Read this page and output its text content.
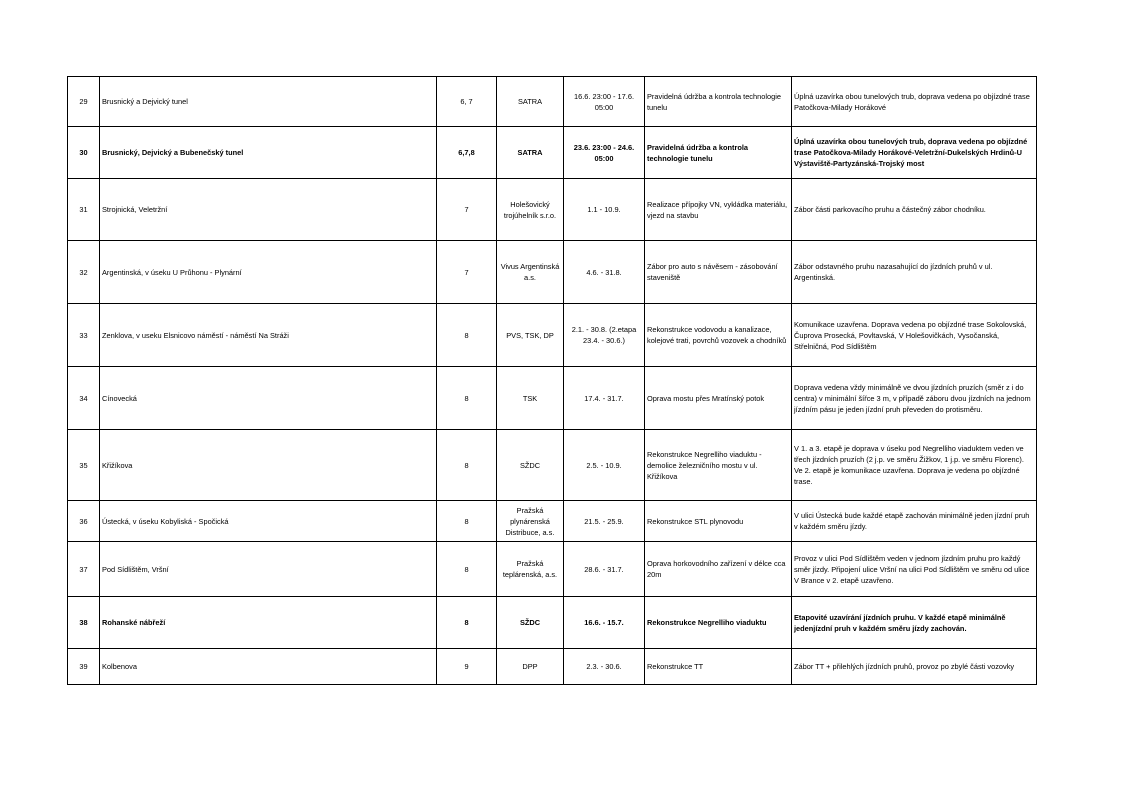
29	Brusnický a Dejvický tunel	6, 7	SATRA	16.6. 23:00 - 17.6. 05:00	Pravidelná údržba a kontrola technologie tunelu	Úplná uzavírka obou tunelových trub, doprava vedena po objízdné trase Patočkova-Milady Horákové
30	Brusnický, Dejvický a Bubenečský tunel	6,7,8	SATRA	23.6. 23:00 - 24.6. 05:00	Pravidelná údržba a kontrola technologie tunelu	Úplná uzavírka obou tunelových trub, doprava vedena po objízdné trase Patočkova-Milady Horákové-Veletržní-Dukelských Hrdinů-U Výstaviště-Partyzánská-Trojský most
31	Strojnická, Veletržní	7	Holešovický trojúhelník s.r.o.	1.1 - 10.9.	Realizace přípojky VN, vykládka materiálu, vjezd na stavbu	Zábor části parkovacího pruhu a částečný zábor chodníku.
32	Argentinská, v úseku U Průhonu - Plynární	7	Vivus Argentinská a.s.	4.6. - 31.8.	Zábor pro auto s návěsem - zásobování staveniště	Zábor odstavného pruhu nazasahující do jízdních pruhů v ul. Argentinská.
33	Zenklova, v useku Elsnicovo náměstí - náměstí Na Stráži	8	PVS, TSK, DP	2.1. - 30.8. (2.etapa 23.4. - 30.6.)	Rekonstrukce vodovodu a kanalizace, kolejové trati, povrchů vozovek a chodníků	Komunikace uzavřena. Doprava vedena po objízdné trase Sokolovská, Čuprova Prosecká, Povltavská, V Holešovičkách, Vysočanská, Střelničná, Pod Sídlištěm
34	Cínovecká	8	TSK	17.4. - 31.7.	Oprava mostu přes Mratínský potok	Doprava vedena vždy minimálně ve dvou jízdních pruzích (směr z i do centra) v minimální šířce 3 m, v případě záboru dvou jízdních na jednom jízdním pásu je jeden jízdní pruh převeden do protisměru.
35	Křižíkova	8	SŽDC	2.5. - 10.9.	Rekonstrukce Negrelliho viaduktu - demolice železničního mostu v ul. Křižíkova	V 1. a 3. etapě je doprava v úseku pod Negrelliho viaduktem veden ve třech jízdních pruzích (2 j.p. ve směru Žižkov, 1 j.p. ve směru Florenc). Ve 2. etapě je komunikace uzavřena. Doprava je vedena po objízdné trase.
36	Ústecká, v úseku Kobyliská - Spočická	8	Pražská plynárenská Distribuce, a.s.	21.5. - 25.9.	Rekonstrukce STL plynovodu	V ulici Ústecká bude každé etapě zachován minimálně jeden jízdní pruh v každém směru jízdy.
37	Pod Sídlištěm, Vršní	8	Pražská teplárenská, a.s.	28.6. - 31.7.	Oprava horkovodního zařízení v délce cca 20m	Provoz v ulici Pod Sídlištěm veden v jednom jízdním pruhu pro každý směr jízdy. Připojení ulice Vršní na ulici Pod Sídlištěm ve směru od ulice V Brance v 2. etapě uzavřeno.
38	Rohanské nábřeží	8	SŽDC	16.6. - 15.7.	Rekonstrukce Negrelliho viaduktu	Etapovité uzavírání jízdních pruhu. V každé etapě minimálně jedenjízdní pruh v každém směru jízdy zachován.
39	Kolbenova	9	DPP	2.3. - 30.6.	Rekonstrukce TT	Zábor TT + přilehlých jízdních pruhů, provoz po zbylé části vozovky
